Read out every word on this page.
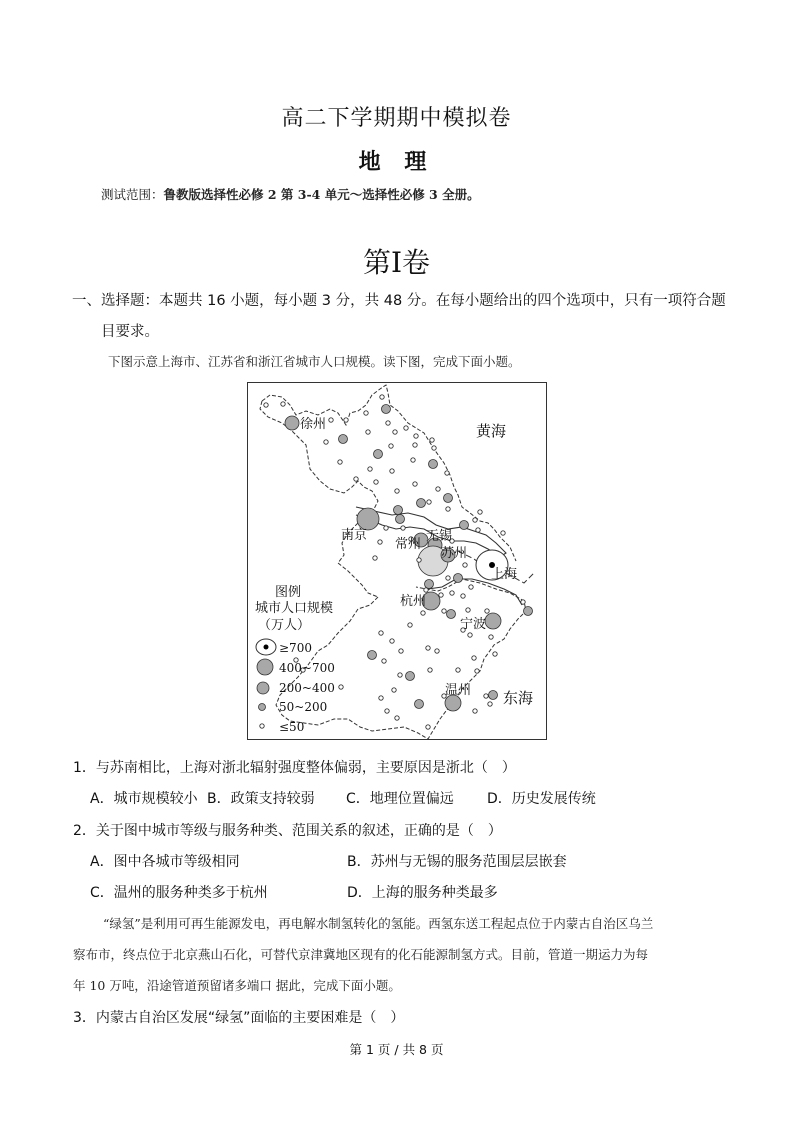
高二下学期期中模拟卷
地 理
测试范围：鲁教版选择性必修 2 第 3-4 单元～选择性必修 3 全册。
第I卷
一、选择题：本题共 16 小题，每小题 3 分，共 48 分。在每小题给出的四个选项中，只有一项符合题
目要求。
下图示意上海市、江苏省和浙江省城市人口规模。读下图，完成下面小题。
徐州	黄海
南京
常州
无锡
苏州
上海
杭州
宁波
温州 东海
图例
城市人口规模
（万人）
≥700
400~700
200~400
50~200
≤50
1．与苏南相比，上海对浙北辐射强度整体偏弱，主要原因是浙北（　）
A．城市规模较小 B．政策支持较弱 C．地理位置偏远 D．历史发展传统
2．关于图中城市等级与服务种类、范围关系的叙述，正确的是（　）
A．图中各城市等级相同	B．苏州与无锡的服务范围层层嵌套
C．温州的服务种类多于杭州	D．上海的服务种类最多
“绿氢”是利用可再生能源发电，再电解水制氢转化的氢能。西氢东送工程起点位于内蒙古自治区乌兰
察布市，终点位于北京燕山石化，可替代京津冀地区现有的化石能源制氢方式。目前，管道一期运力为每
年 10 万吨，沿途管道预留诸多端口 据此，完成下面小题。
3．内蒙古自治区发展“绿氢”面临的主要困难是（　）
第 1 页 / 共 8 页
